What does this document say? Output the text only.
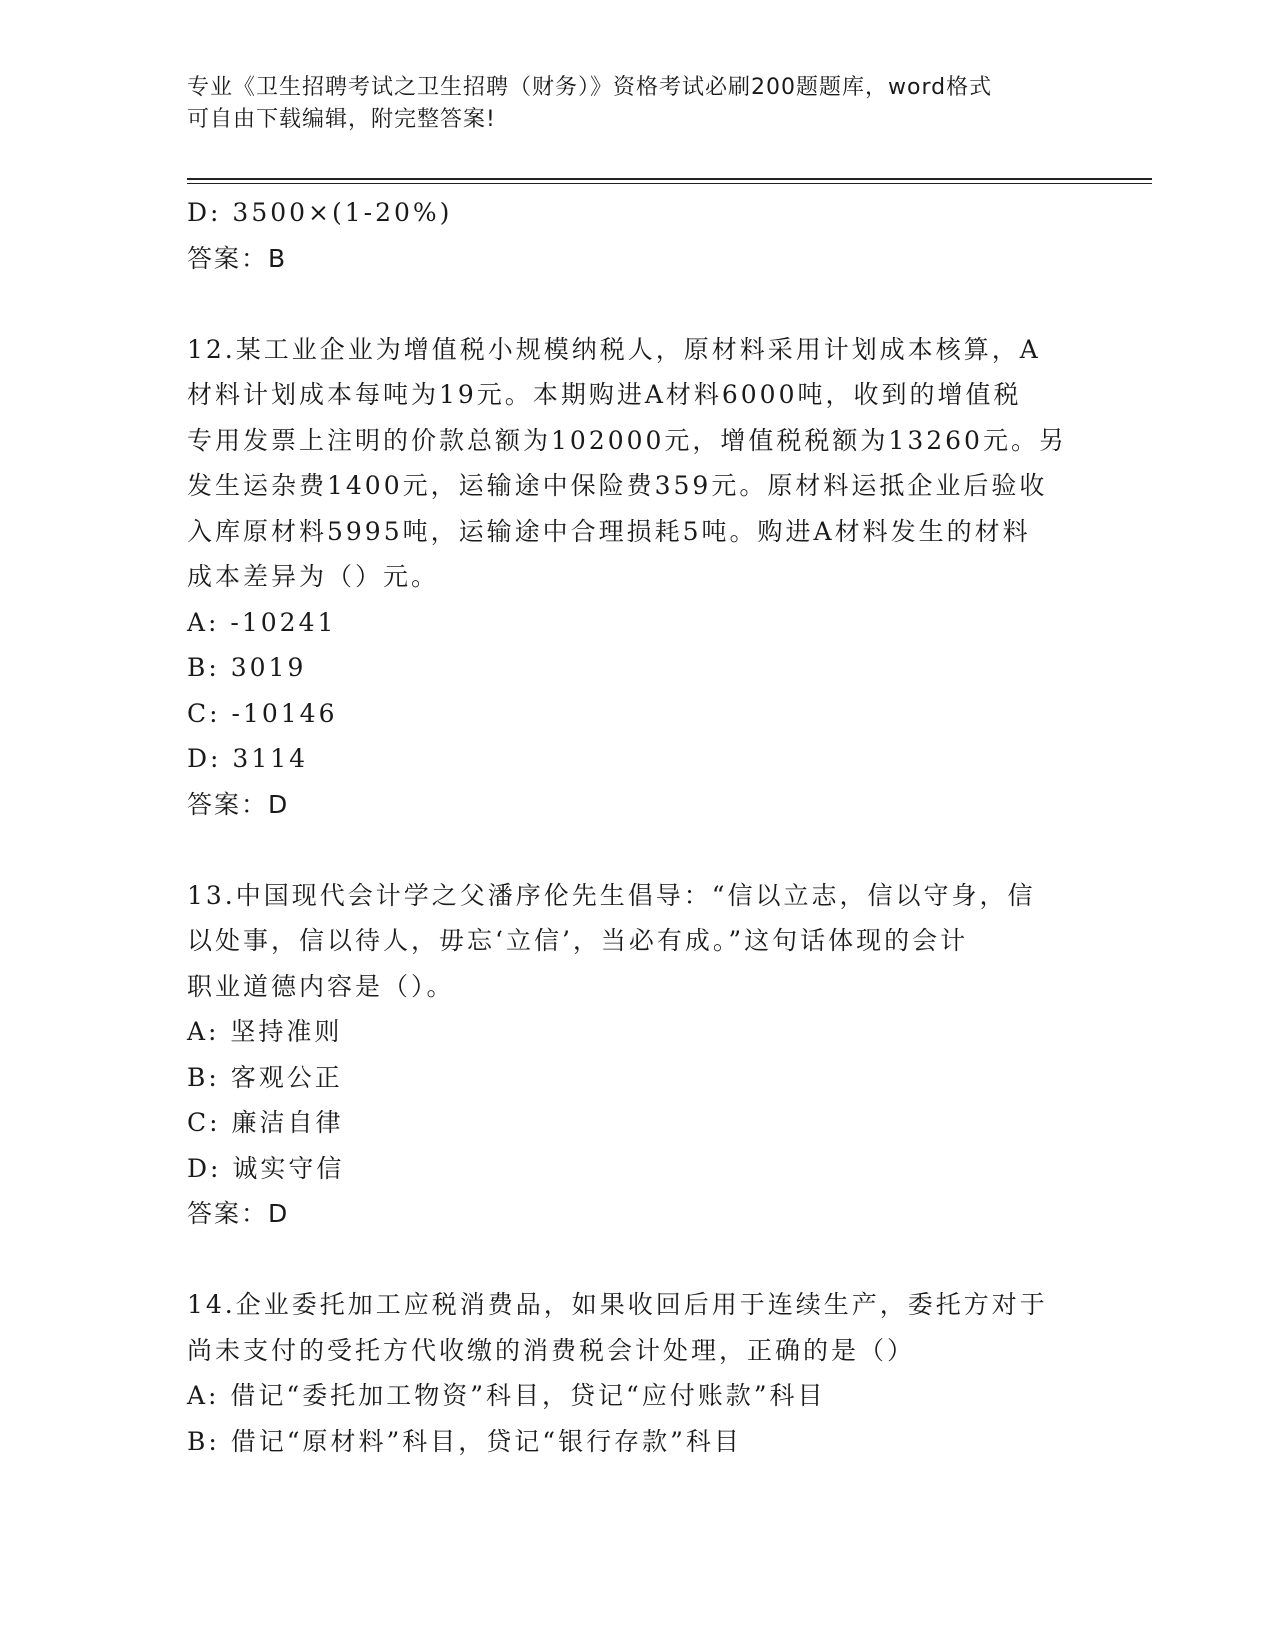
专业《卫生招聘考试之卫生招聘（财务）》资格考试必刷200题题库，word格式
可自由下载编辑，附完整答案!
D: 3500×(1-20%)
答案：B
12.某工业企业为增值税小规模纳税人，原材料采用计划成本核算，A
材料计划成本每吨为19元。本期购进A材料6000吨，收到的增值税
专用发票上注明的价款总额为102000元，增值税税额为13260元。另
发生运杂费1400元，运输途中保险费359元。原材料运抵企业后验收
入库原材料5995吨，运输途中合理损耗5吨。购进A材料发生的材料
成本差异为（）元。
A: -10241
B: 3019
C: -10146
D: 3114
答案：D
13.中国现代会计学之父潘序伦先生倡导：“信以立志，信以守身，信
以处事，信以待人，毋忘‘立信’，当必有成。”这句话体现的会计
职业道德内容是（）。
A: 坚持准则
B: 客观公正
C: 廉洁自律
D: 诚实守信
答案：D
14.企业委托加工应税消费品，如果收回后用于连续生产，委托方对于
尚未支付的受托方代收缴的消费税会计处理，正确的是（）
A: 借记“委托加工物资”科目，贷记“应付账款”科目
B: 借记“原材料”科目，贷记“银行存款”科目
